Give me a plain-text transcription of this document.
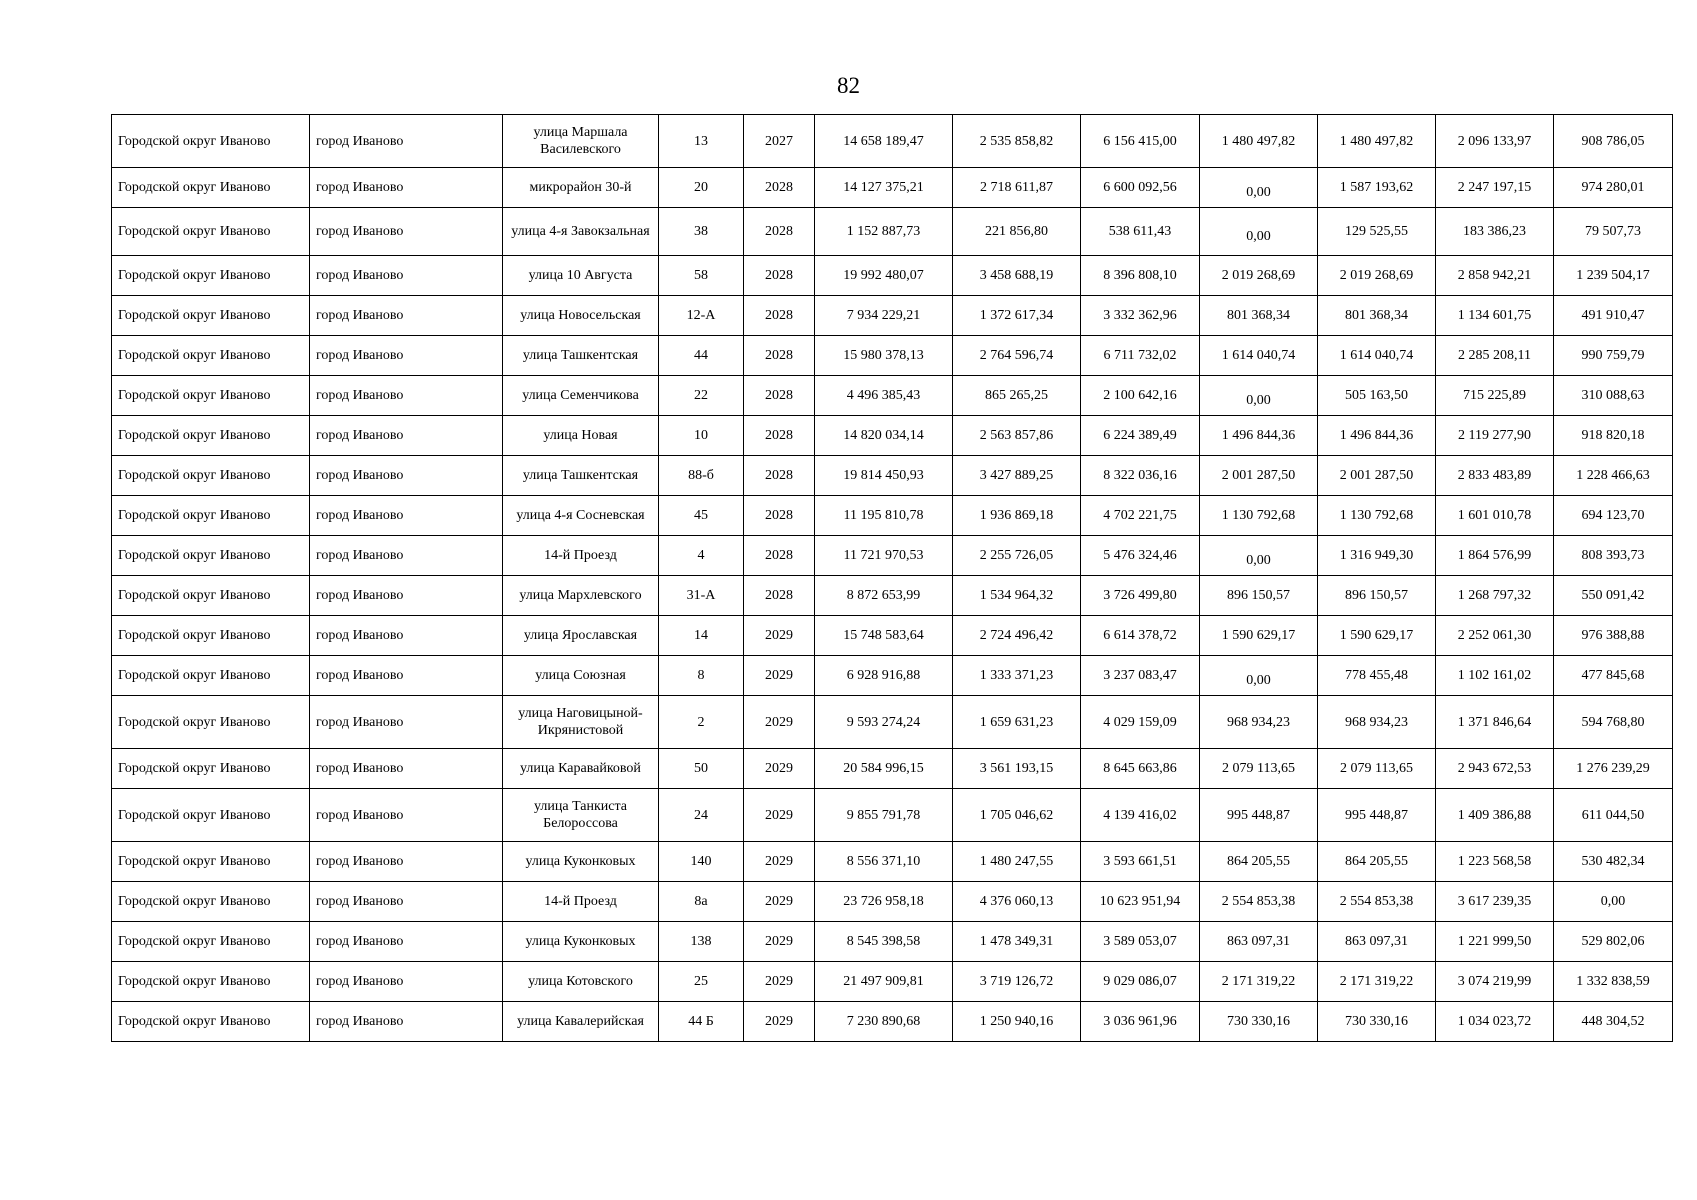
82
Городской округ Иваново	город Иваново	улица Маршала Василевского	13	2027	14 658 189,47	2 535 858,82	6 156 415,00	1 480 497,82	1 480 497,82	2 096 133,97	908 786,05
Городской округ Иваново	город Иваново	микрорайон 30-й	20	2028	14 127 375,21	2 718 611,87	6 600 092,56	0,00	1 587 193,62	2 247 197,15	974 280,01
Городской округ Иваново	город Иваново	улица 4-я Завокзальная	38	2028	1 152 887,73	221 856,80	538 611,43	0,00	129 525,55	183 386,23	79 507,73
Городской округ Иваново	город Иваново	улица 10 Августа	58	2028	19 992 480,07	3 458 688,19	8 396 808,10	2 019 268,69	2 019 268,69	2 858 942,21	1 239 504,17
Городской округ Иваново	город Иваново	улица Новосельская	12-А	2028	7 934 229,21	1 372 617,34	3 332 362,96	801 368,34	801 368,34	1 134 601,75	491 910,47
Городской округ Иваново	город Иваново	улица Ташкентская	44	2028	15 980 378,13	2 764 596,74	6 711 732,02	1 614 040,74	1 614 040,74	2 285 208,11	990 759,79
Городской округ Иваново	город Иваново	улица Семенчикова	22	2028	4 496 385,43	865 265,25	2 100 642,16	0,00	505 163,50	715 225,89	310 088,63
Городской округ Иваново	город Иваново	улица Новая	10	2028	14 820 034,14	2 563 857,86	6 224 389,49	1 496 844,36	1 496 844,36	2 119 277,90	918 820,18
Городской округ Иваново	город Иваново	улица Ташкентская	88-б	2028	19 814 450,93	3 427 889,25	8 322 036,16	2 001 287,50	2 001 287,50	2 833 483,89	1 228 466,63
Городской округ Иваново	город Иваново	улица 4-я Сосневская	45	2028	11 195 810,78	1 936 869,18	4 702 221,75	1 130 792,68	1 130 792,68	1 601 010,78	694 123,70
Городской округ Иваново	город Иваново	14-й Проезд	4	2028	11 721 970,53	2 255 726,05	5 476 324,46	0,00	1 316 949,30	1 864 576,99	808 393,73
Городской округ Иваново	город Иваново	улица Мархлевского	31-А	2028	8 872 653,99	1 534 964,32	3 726 499,80	896 150,57	896 150,57	1 268 797,32	550 091,42
Городской округ Иваново	город Иваново	улица Ярославская	14	2029	15 748 583,64	2 724 496,42	6 614 378,72	1 590 629,17	1 590 629,17	2 252 061,30	976 388,88
Городской округ Иваново	город Иваново	улица Союзная	8	2029	6 928 916,88	1 333 371,23	3 237 083,47	0,00	778 455,48	1 102 161,02	477 845,68
Городской округ Иваново	город Иваново	улица Наговицыной-Икрянистовой	2	2029	9 593 274,24	1 659 631,23	4 029 159,09	968 934,23	968 934,23	1 371 846,64	594 768,80
Городской округ Иваново	город Иваново	улица Каравайковой	50	2029	20 584 996,15	3 561 193,15	8 645 663,86	2 079 113,65	2 079 113,65	2 943 672,53	1 276 239,29
Городской округ Иваново	город Иваново	улица Танкиста Белороссова	24	2029	9 855 791,78	1 705 046,62	4 139 416,02	995 448,87	995 448,87	1 409 386,88	611 044,50
Городской округ Иваново	город Иваново	улица Куконковых	140	2029	8 556 371,10	1 480 247,55	3 593 661,51	864 205,55	864 205,55	1 223 568,58	530 482,34
Городской округ Иваново	город Иваново	14-й Проезд	8а	2029	23 726 958,18	4 376 060,13	10 623 951,94	2 554 853,38	2 554 853,38	3 617 239,35	0,00
Городской округ Иваново	город Иваново	улица Куконковых	138	2029	8 545 398,58	1 478 349,31	3 589 053,07	863 097,31	863 097,31	1 221 999,50	529 802,06
Городской округ Иваново	город Иваново	улица Котовского	25	2029	21 497 909,81	3 719 126,72	9 029 086,07	2 171 319,22	2 171 319,22	3 074 219,99	1 332 838,59
Городской округ Иваново	город Иваново	улица Кавалерийская	44 Б	2029	7 230 890,68	1 250 940,16	3 036 961,96	730 330,16	730 330,16	1 034 023,72	448 304,52
